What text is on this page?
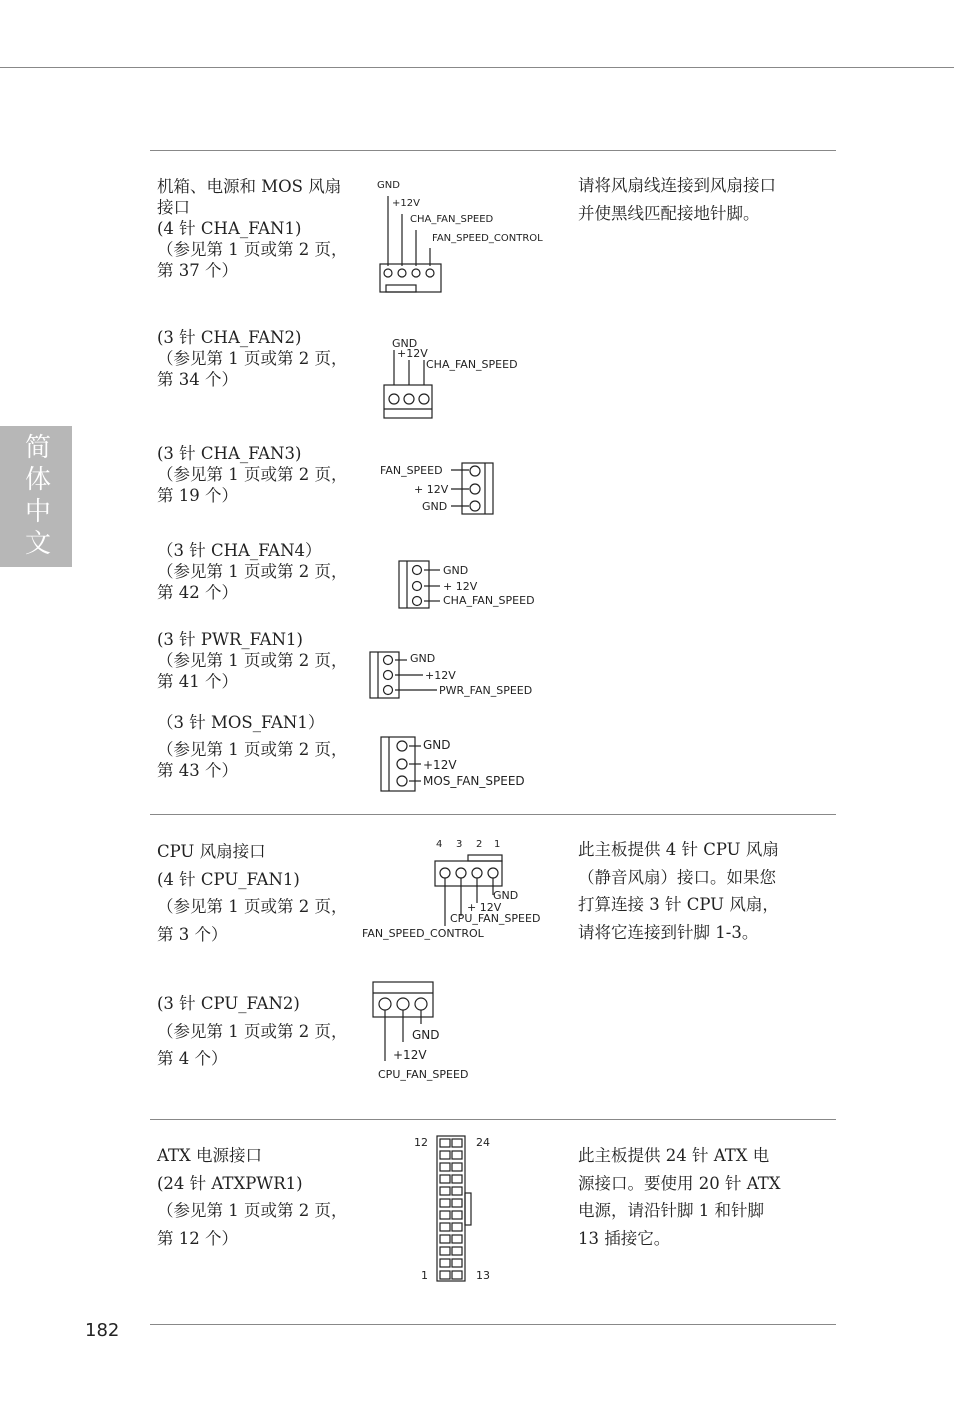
简体中文
182
机箱、电源和 MOS 风扇接口
(4 针 CHA_FAN1)
（参见第 1 页或第 2 页，第 37 个）
(3 针 CHA_FAN2)
（参见第 1 页或第 2 页，第 34 个）
(3 针 CHA_FAN3)
（参见第 1 页或第 2 页，第 19 个）
（3 针 CHA_FAN4）
（参见第 1 页或第 2 页，第 42 个）
(3 针 PWR_FAN1)
（参见第 1 页或第 2 页，第 41 个）
（3 针 MOS_FAN1）
（参见第 1 页或第 2 页，第 43 个）
请将风扇线连接到风扇接口并使黑线匹配接地针脚。
CPU 风扇接口
(4 针 CPU_FAN1)
（参见第 1 页或第 2 页，第 3 个）
(3 针 CPU_FAN2)
（参见第 1 页或第 2 页，第 4 个）
此主板提供 4 针 CPU 风扇（静音风扇）接口。如果您打算连接 3 针 CPU 风扇，请将它连接到针脚 1-3。
ATX 电源接口
(24 针 ATXPWR1)
（参见第 1 页或第 2 页，第 12 个）
此主板提供 24 针 ATX 电源接口。要使用 20 针 ATX 电源，请沿针脚 1 和针脚 13 插接它。
GND
+12V
CHA_FAN_SPEED
FAN_SPEED_CONTROL
GND
+12V
CHA_FAN_SPEED
FAN_SPEED
+ 12V
GND
GND
+ 12V
CHA_FAN_SPEED
GND
+12V
PWR_FAN_SPEED
GND
+12V
MOS_FAN_SPEED
4 3 2 1
GND
+ 12V
CPU_FAN_SPEED
FAN_SPEED_CONTROL
GND
+12V
CPU_FAN_SPEED
12	24
1	13
